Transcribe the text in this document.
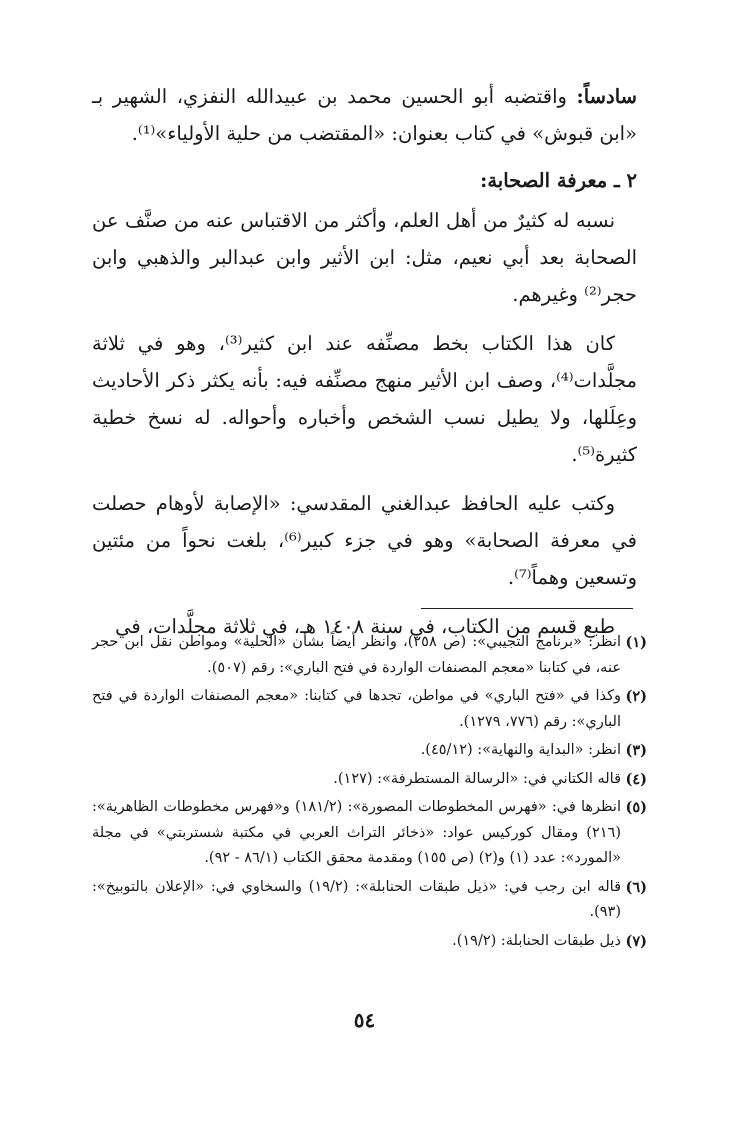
سادساً: واقتضبه أبو الحسين محمد بن عبيدالله النفزي، الشهير بـ «ابن قبوش» في كتاب بعنوان: «المقتضب من حلية الأولياء»⁽¹⁾.

٢ ـ معرفة الصحابة:

نسبه له كثيرٌ من أهل العلم، وأكثر من الاقتباس عنه من صنَّف عن الصحابة بعد أبي نعيم، مثل: ابن الأثير وابن عبدالبر والذهبي وابن حجر⁽²⁾ وغيرهم.

كان هذا الكتاب بخط مصنِّفه عند ابن كثير⁽³⁾، وهو في ثلاثة مجلَّدات⁽⁴⁾، وصف ابن الأثير منهج مصنِّفه فيه: بأنه يكثر ذكر الأحاديث وعِلَلها، ولا يطيل نسب الشخص وأخباره وأحواله. له نسخ خطية كثيرة⁽⁵⁾.

وكتب عليه الحافظ عبدالغني المقدسي: «الإصابة لأوهام حصلت في معرفة الصحابة» وهو في جزء كبير⁽⁶⁾، بلغت نحواً من مئتين وتسعين وهماً⁽⁷⁾.

طبع قسم من الكتاب، في سنة ١٤٠٨ هـ، في ثلاثة مجلَّدات، في

(١)
انظر: «برنامج التجيبي»: (ص ٢٥٨)، وانظر أيضاً بشأن «الحلية» ومواطن نقل ابن حجر عنه، في كتابنا «معجم المصنفات الواردة في فتح الباري»: رقم (٥٠٧).
(٢)
وكذا في «فتح الباري» في مواطن، تجدها في كتابنا: «معجم المصنفات الواردة في فتح الباري»: رقم (٧٧٦، ١٢٧٩).
(٣)
انظر: «البداية والنهاية»: (٤٥/١٢).
(٤)
قاله الكتاني في: «الرسالة المستطرفة»: (١٢٧).
(٥)
انظرها في: «فهرس المخطوطات المصورة»: (١٨١/٢) و«فهرس مخطوطات الظاهرية»: (٢١٦) ومقال كوركيس عواد: «ذخائر التراث العربي في مكتبة شستربتي» في مجلة «المورد»: عدد (١) و(٢) (ص ١٥٥) ومقدمة محقق الكتاب (٨٦/١ - ٩٢).
(٦)
قاله ابن رجب في: «ذيل طبقات الحنابلة»: (١٩/٢) والسخاوي في: «الإعلان بالتوبيخ»: (٩٣).
(٧)
ذيل طبقات الحنابلة: (١٩/٢).
٥٤
